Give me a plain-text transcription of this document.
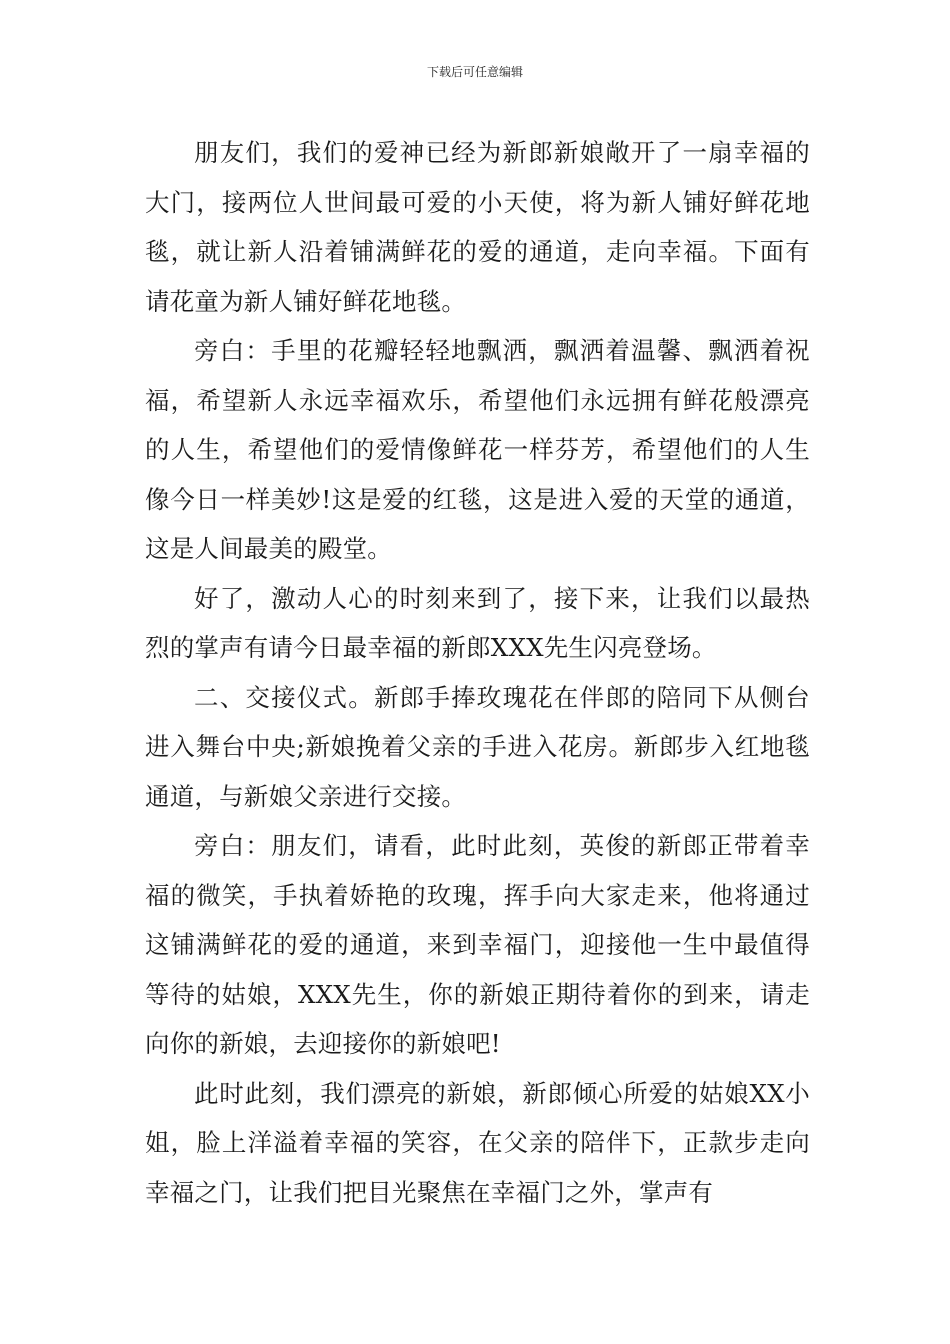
下载后可任意编辑

朋友们，我们的爱神已经为新郎新娘敞开了一扇幸福的大门，接两位人世间最可爱的小天使，将为新人铺好鲜花地毯，就让新人沿着铺满鲜花的爱的通道，走向幸福。下面有请花童为新人铺好鲜花地毯。

旁白：手里的花瓣轻轻地飘洒，飘洒着温馨、飘洒着祝福，希望新人永远幸福欢乐，希望他们永远拥有鲜花般漂亮的人生，希望他们的爱情像鲜花一样芬芳，希望他们的人生像今日一样美妙!这是爱的红毯，这是进入爱的天堂的通道，这是人间最美的殿堂。

好了，激动人心的时刻来到了，接下来，让我们以最热烈的掌声有请今日最幸福的新郎XXX先生闪亮登场。

二、交接仪式。新郎手捧玫瑰花在伴郎的陪同下从侧台进入舞台中央;新娘挽着父亲的手进入花房。新郎步入红地毯通道，与新娘父亲进行交接。

旁白：朋友们，请看，此时此刻，英俊的新郎正带着幸福的微笑，手执着娇艳的玫瑰，挥手向大家走来，他将通过这铺满鲜花的爱的通道，来到幸福门，迎接他一生中最值得等待的姑娘，XXX先生，你的新娘正期待着你的到来，请走向你的新娘，去迎接你的新娘吧!

此时此刻，我们漂亮的新娘，新郎倾心所爱的姑娘XX小姐，脸上洋溢着幸福的笑容，在父亲的陪伴下，正款步走向幸福之门，让我们把目光聚焦在幸福门之外，掌声有
